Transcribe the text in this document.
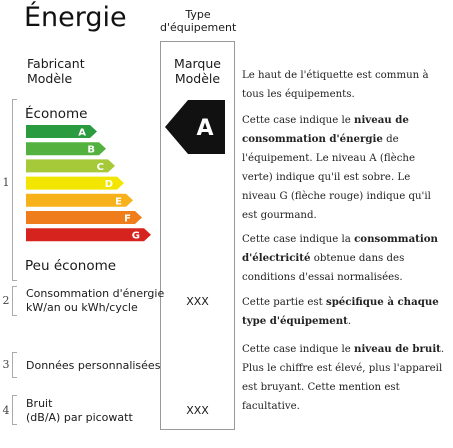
Énergie	Type
d'équipement
Fabricant
Modèle
Marque
Modèle
1
2
3
4
Économe
Peu économe
A
B
C
D
E
F
G
A
Consommation d'énergie
kW/an ou kWh/cycle
Données personnalisées
Bruit
(dB/A) par picowatt
XXX
XXX
Le haut de l'étiquette est commun à tous les équipements.
Cette case indique le niveau de consommation d'énergie de l'équipement. Le niveau A (flèche verte) indique qu'il est sobre. Le niveau G (flèche rouge) indique qu'il est gourmand.
Cette case indique la consommation d'électricité obtenue dans des conditions d'essai normalisées.
Cette partie est spécifique à chaque type d'équipement.
Cette case indique le niveau de bruit. Plus le chiffre est élevé, plus l'appareil est bruyant. Cette mention est facultative.
